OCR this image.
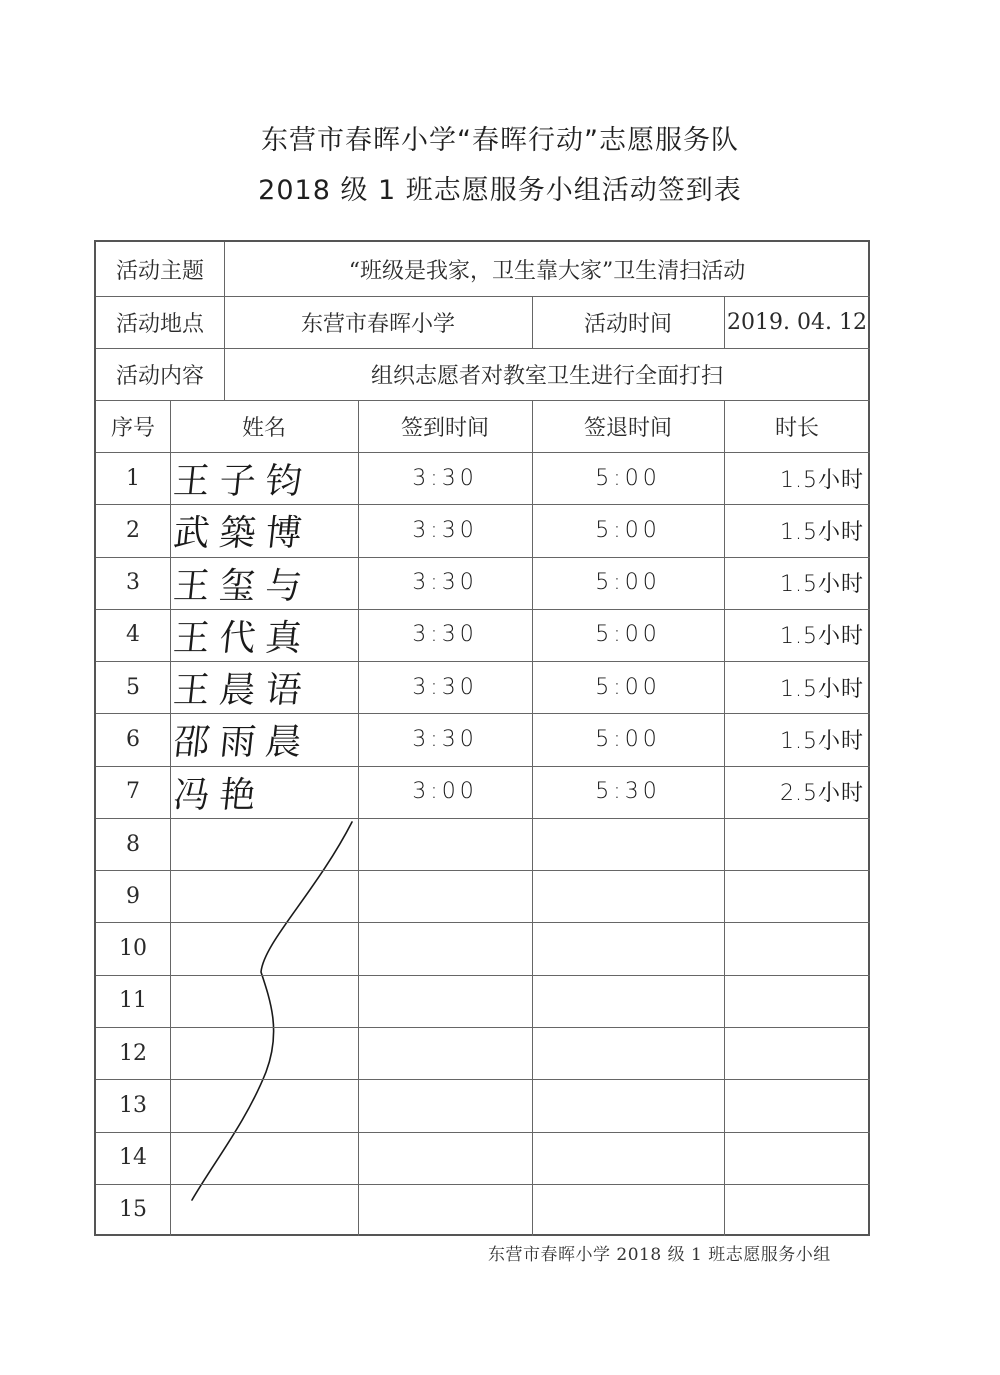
东营市春晖小学“春晖行动”志愿服务队
2018 级 1 班志愿服务小组活动签到表
活动主题	“班级是我家，卫生靠大家”卫生清扫活动
活动地点	东营市春晖小学	活动时间	2019. 04. 12
活动内容	组织志愿者对教室卫生进行全面打扫
序号	姓名	签到时间	签退时间	时长
1 王子钧	3:30	5:00	1.5小时
2 武築博	3:30	5:00	1.5小时
3 王玺与	3:30	5:00	1.5小时
4 王代真	3:30	5:00	1.5小时
5 王晨语	3:30	5:00	1.5小时
6 邵雨晨	3:30	5:00	1.5小时
7 冯艳	3:00	5:30	2.5小时
8
9
10
11
12
13
14
15
东营市春晖小学 2018 级 1 班志愿服务小组
